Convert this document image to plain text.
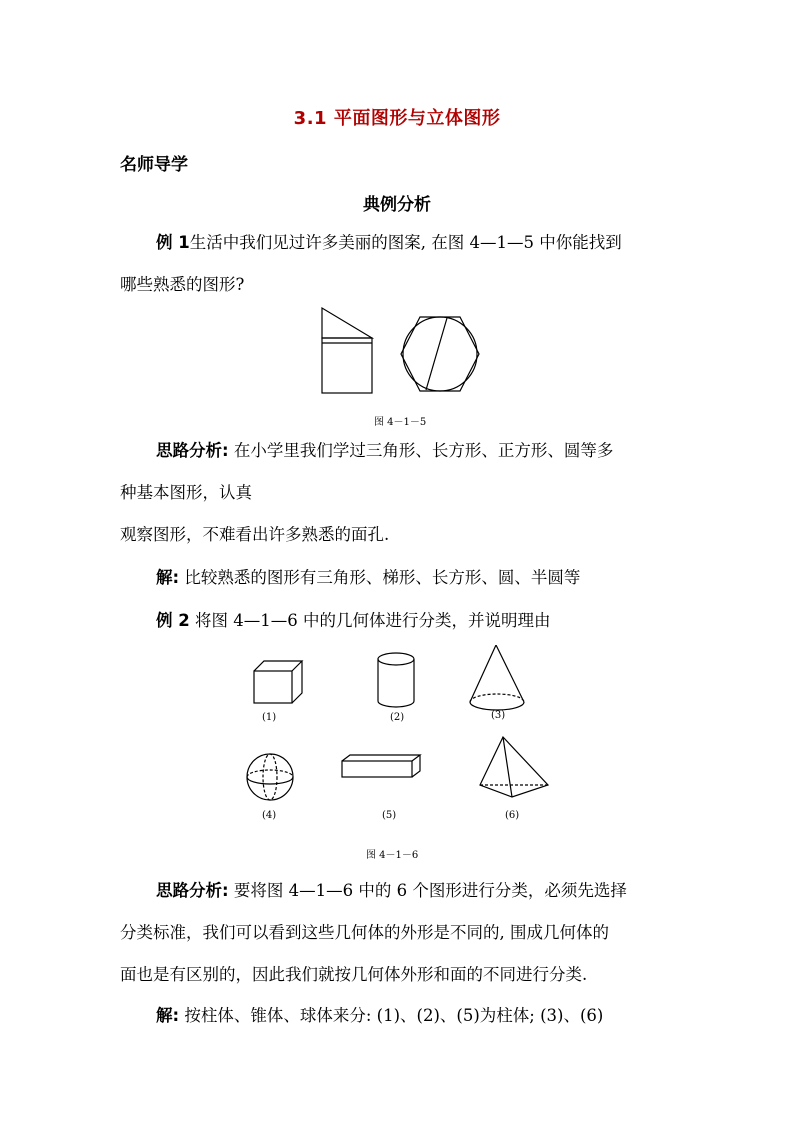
3.1 平面图形与立体图形
名师导学
典例分析
例 1生活中我们见过许多美丽的图案, 在图 4—1—5 中你能找到
哪些熟悉的图形?
图 4－1－5
思路分析: 在小学里我们学过三角形、长方形、正方形、圆等多
种基本图形，认真
观察图形，不难看出许多熟悉的面孔.
解: 比较熟悉的图形有三角形、梯形、长方形、圆、半圆等
例 2 将图 4—1—6 中的几何体进行分类，并说明理由
(1)	(2)	(3)
(4)	(5)	(6)
图 4－1－6
思路分析: 要将图 4—1—6 中的 6 个图形进行分类，必须先选择
分类标准，我们可以看到这些几何体的外形是不同的, 围成几何体的
面也是有区别的，因此我们就按几何体外形和面的不同进行分类.
解: 按柱体、锥体、球体来分: (1)、(2)、(5)为柱体; (3)、(6)
